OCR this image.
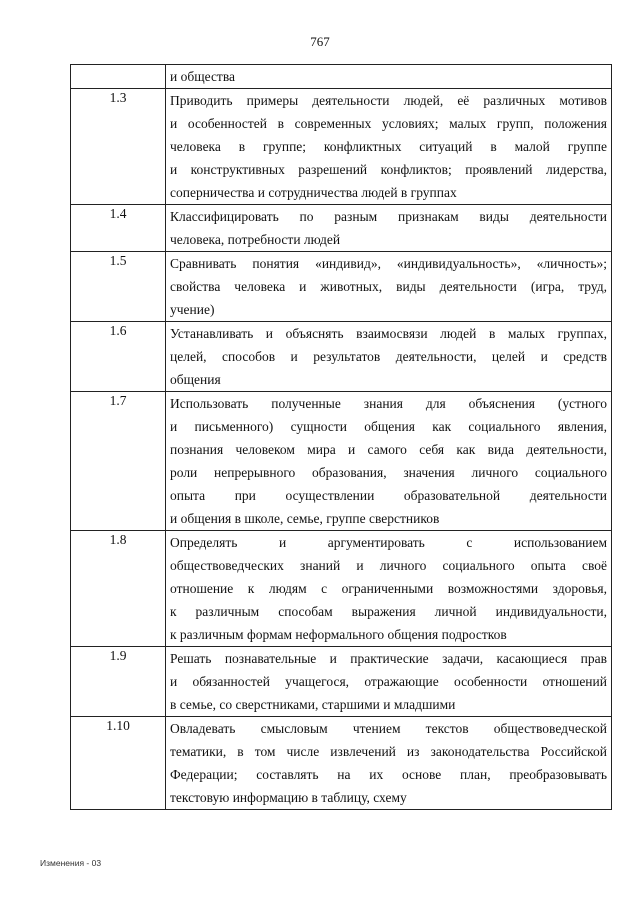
767
и общества
1.3	Приводить примеры деятельности людей, её различных мотивов
и особенностей в современных условиях; малых групп, положения
человека в группе; конфликтных ситуаций в малой группе
и конструктивных разрешений конфликтов; проявлений лидерства,
соперничества и сотрудничества людей в группах
1.4	Классифицировать по разным признакам виды деятельности
человека, потребности людей
1.5	Сравнивать понятия «индивид», «индивидуальность», «личность»;
свойства человека и животных, виды деятельности (игра, труд,
учение)
1.6	Устанавливать и объяснять взаимосвязи людей в малых группах,
целей, способов и результатов деятельности, целей и средств
общения
1.7	Использовать полученные знания для объяснения (устного
и письменного) сущности общения как социального явления,
познания человеком мира и самого себя как вида деятельности,
роли непрерывного образования, значения личного социального
опыта при осуществлении образовательной деятельности
и общения в школе, семье, группе сверстников
1.8	Определять и аргументировать с использованием
обществоведческих знаний и личного социального опыта своё
отношение к людям с ограниченными возможностями здоровья,
к различным способам выражения личной индивидуальности,
к различным формам неформального общения подростков
1.9	Решать познавательные и практические задачи, касающиеся прав
и обязанностей учащегося, отражающие особенности отношений
в семье, со сверстниками, старшими и младшими
1.10	Овладевать смысловым чтением текстов обществоведческой
тематики, в том числе извлечений из законодательства Российской
Федерации; составлять на их основе план, преобразовывать
текстовую информацию в таблицу, схему
Изменения - 03
